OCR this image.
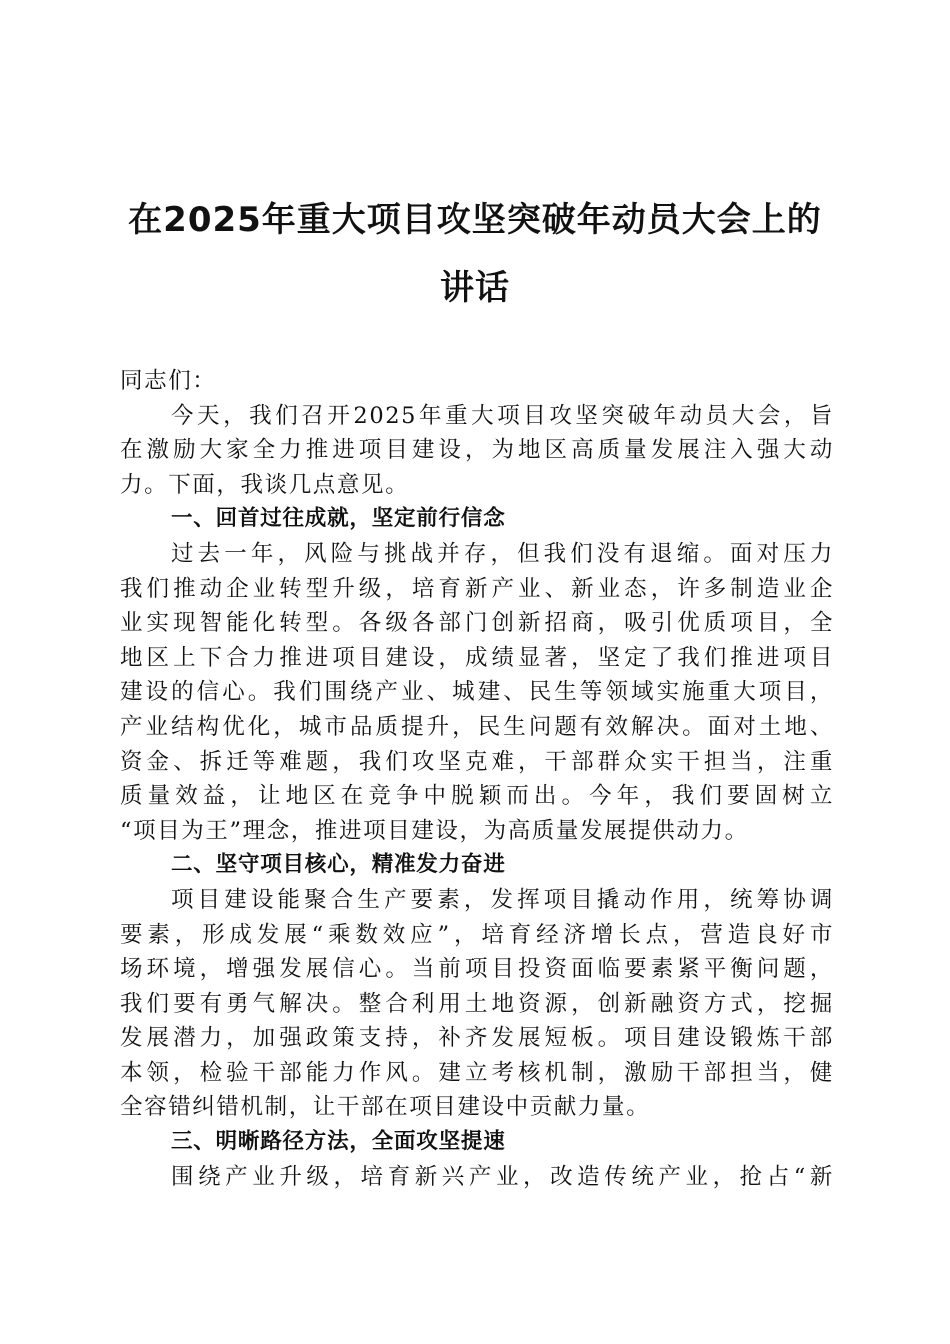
在2025年重大项目攻坚突破年动员大会上的
讲话
同志们：
今天，我们召开2025年重大项目攻坚突破年动员大会，旨
在激励大家全力推进项目建设，为地区高质量发展注入强大动
力。下面，我谈几点意见。
一、回首过往成就，坚定前行信念
过去一年，风险与挑战并存，但我们没有退缩。面对压力
我们推动企业转型升级，培育新产业、新业态，许多制造业企
业实现智能化转型。各级各部门创新招商，吸引优质项目，全
地区上下合力推进项目建设，成绩显著，坚定了我们推进项目
建设的信心。我们围绕产业、城建、民生等领域实施重大项目，
产业结构优化，城市品质提升，民生问题有效解决。面对土地、
资金、拆迁等难题，我们攻坚克难，干部群众实干担当，注重
质量效益，让地区在竞争中脱颖而出。今年，我们要固树立
“项目为王”理念，推进项目建设，为高质量发展提供动力。
二、坚守项目核心，精准发力奋进
项目建设能聚合生产要素，发挥项目撬动作用，统筹协调
要素，形成发展“乘数效应”，培育经济增长点，营造良好市
场环境，增强发展信心。当前项目投资面临要素紧平衡问题，
我们要有勇气解决。整合利用土地资源，创新融资方式，挖掘
发展潜力，加强政策支持，补齐发展短板。项目建设锻炼干部
本领，检验干部能力作风。建立考核机制，激励干部担当，健
全容错纠错机制，让干部在项目建设中贡献力量。
三、明晰路径方法，全面攻坚提速
围绕产业升级，培育新兴产业，改造传统产业，抢占“新
